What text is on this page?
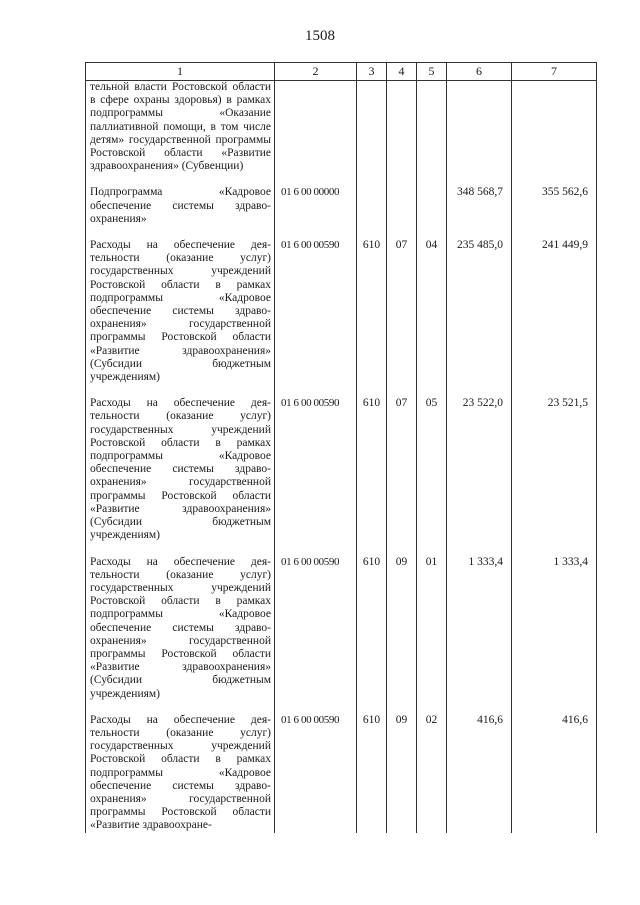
1508
1	2	3	4	5	6	7
тельной власти Ростовской области в сфере охраны здоровья) в рамках подпрограммы «Оказание паллиативной помощи, в том числе детям» государственной программы Ростовской области «Развитие здравоохранения» (Субвенции)						

Подпрограмма «Кадровое обеспечение системы здравоохранения»	01 6 00 00000				348 568,7	355 562,6

Расходы на обеспечение деятельности (оказание услуг) государственных учреждений Ростовской области в рамках подпрограммы «Кадровое обеспечение системы здравоохранения» государственной программы Ростовской области «Развитие здравоохранения» (Субсидии бюджетным учреждениям)	01 6 00 00590	610	07	04	235 485,0	241 449,9

Расходы на обеспечение деятельности (оказание услуг) государственных учреждений Ростовской области в рамках подпрограммы «Кадровое обеспечение системы здравоохранения» государственной программы Ростовской области «Развитие здравоохранения» (Субсидии бюджетным учреждениям)	01 6 00 00590	610	07	05	23 522,0	23 521,5

Расходы на обеспечение деятельности (оказание услуг) государственных учреждений Ростовской области в рамках подпрограммы «Кадровое обеспечение системы здравоохранения» государственной программы Ростовской области «Развитие здравоохранения» (Субсидии бюджетным учреждениям)	01 6 00 00590	610	09	01	1 333,4	1 333,4

Расходы на обеспечение деятельности (оказание услуг) государственных учреждений Ростовской области в рамках подпрограммы «Кадровое обеспечение системы здравоохранения» государственной программы Ростовской области «Развитие здравоохране-	01 6 00 00590	610	09	02	416,6	416,6
